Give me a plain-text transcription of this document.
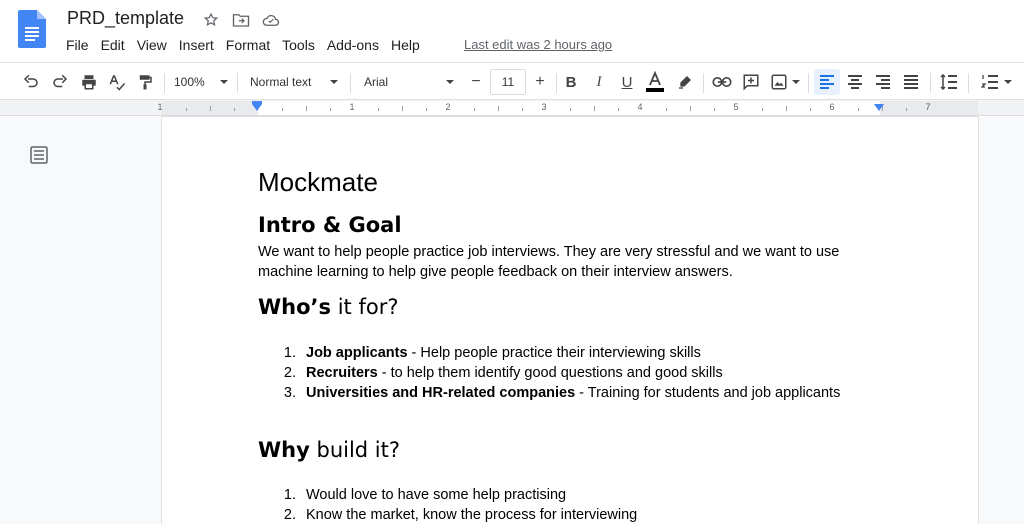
PRD_template
File Edit View Insert Format Tools Add-ons Help	Last edit was 2 hours ago
100%	Normal text	Arial	−	11	+	B	I	U
1	1	2	3	4	5	6	7
Mockmate
Intro & Goal
We want to help people practice job interviews. They are very stressful and we want to use machine learning to help give people feedback on their interview answers.
Who’s it for?
1. Job applicants - Help people practice their interviewing skills
2. Recruiters - to help them identify good questions and good skills
3. Universities and HR-related companies - Training for students and job applicants
Why build it?
1. Would love to have some help practising
2. Know the market, know the process for interviewing
